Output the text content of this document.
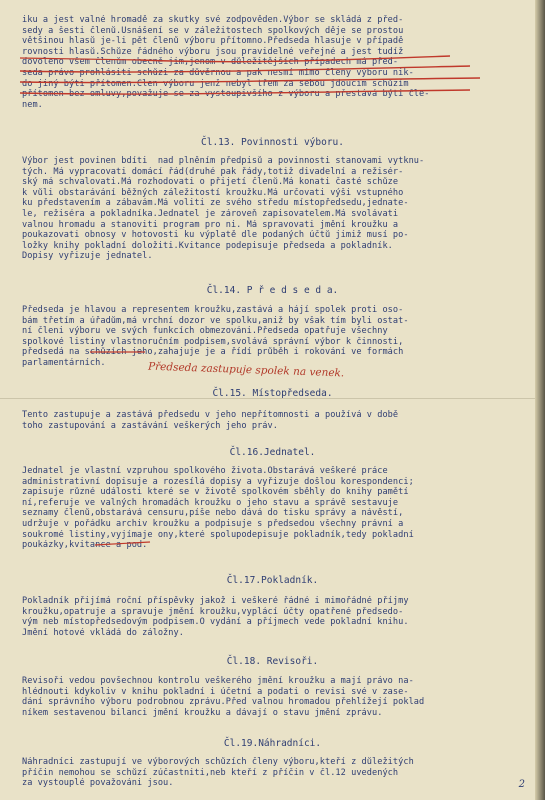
iku a jest valné hromadě za skutky své zodpověden.Výbor se skládá z před-
sedy a šesti členů.Usnášení se v záležitostech spolkových děje se prostou
většinou hlasů je-li pět členů výboru přítomno.Předseda hlasuje v případě
rovnosti hlasů.Schůze řádného výboru jsou pravidelné veřejné a jest tudíž
dovoleno všem členům obecně jim,jenom v důležitějších případech má před-
seda právo prohlásiti schůzi za důvěrnou a pak nesmí mimo členy výboru nik-
do jiný býti přítomen.Člen výboru jenž nebyl třem za sebou jdoucím schůzím
přítomen bez omluvy,považuje se za vystoupivšího z výboru a přestává býti čle-
nem.
Čl.13. Povinnosti výboru.
Výbor jest povinen bdíti  nad plněním předpisů a povinnosti stanovami vytknu-
tých. Má vypracovati domácí řád(druhé pak řády,totiž divadelní a režisér-
ský má schvalovati.Má rozhodovati o přijetí členů.Má konati časté schůze
k vůli obstarávání běžných záležitostí kroužku.Má určovati výši vstupného
ku představením a zábavám.Má voliti ze svého středu místopředsedu,jednate-
le, režiséra a pokladníka.Jednatel je zároveň zapisovatelem.Má svolávati
valnou hromadu a stanoviti program pro ni. Má spravovati jmění kroužku a
poukazovati obnosy v hotovosti ku výplatě dle podaných účtů jimiž musí po-
ložky knihy pokladní doložiti.Kvitance podepisuje předseda a pokladník.
Dopisy vyřizuje jednatel.
Čl.14. P ř e d s e d a.
Předseda je hlavou a representem kroužku,zastává a hájí spolek proti oso-
bám třetím a úřadům,má vrchní dozor ve spolku,aniž by však tím byli ostat-
ní členi výboru ve svých funkcích obmezováni.Předseda opatřuje všechny
spolkové listiny vlastnoručním podpisem,svolává správní výbor k činnosti,
předsedá na schůzích jeho,zahajuje je a řídí průběh i rokování ve formách
parlamentárních.	Předseda zastupuje spolek na venek.
Čl.15. Místopředseda.
Tento zastupuje a zastává předsedu v jeho nepřítomnosti a používá v době
toho zastupování a zastávání veškerých jeho práv.
Čl.16.Jednatel.
Jednatel je vlastní vzpruhou spolkového života.Obstarává veškeré práce
administrativní dopisuje a rozesílá dopisy a vyřizuje došlou korespondenci;
zapisuje různé události které se v životě spolkovém sběhly do knihy pamětí
ní,referuje ve valných hromadách kroužku o jeho stavu a správě sestavuje
seznamy členů,obstarává censuru,píše nebo dává do tisku správy a návěstí,
udržuje v pořádku archiv kroužku a podpisuje s předsedou všechny právní a
soukromé listiny,vyjímaje ony,které spolupodepisuje pokladník,tedy pokladní
poukázky,kvitance a pod.
Čl.17.Pokladník.
Pokladník přijímá roční příspěvky jakož i veškeré řádné i mimořádné příjmy
kroužku,opatruje a spravuje jmění kroužku,vyplácí účty opatřené předsedo-
vým neb místopředsedovým podpisem.O vydání a příjmech vede pokladní knihu.
Jmění hotové vkládá do záložny.
Čl.18. Revisoři.
Revisoři vedou povšechnou kontrolu veškerého jmění kroužku a mají právo na-
hlédnouti kdykoliv v knihu pokladní i účetní a podati o revisi své v zase-
dání správního výboru podrobnou zprávu.Před valnou hromadou přehlížejí poklad
níkem sestavenou bilanci jmění kroužku a dávají o stavu jmění zprávu.
Čl.19.Náhradníci.
Náhradníci zastupují ve výborových schůzích členy výboru,kteří z důležitých
příčin nemohou se schůzí zúčastniti,neb kteří z příčin v čl.12 uvedených
za vystouplé považováni jsou.	2
